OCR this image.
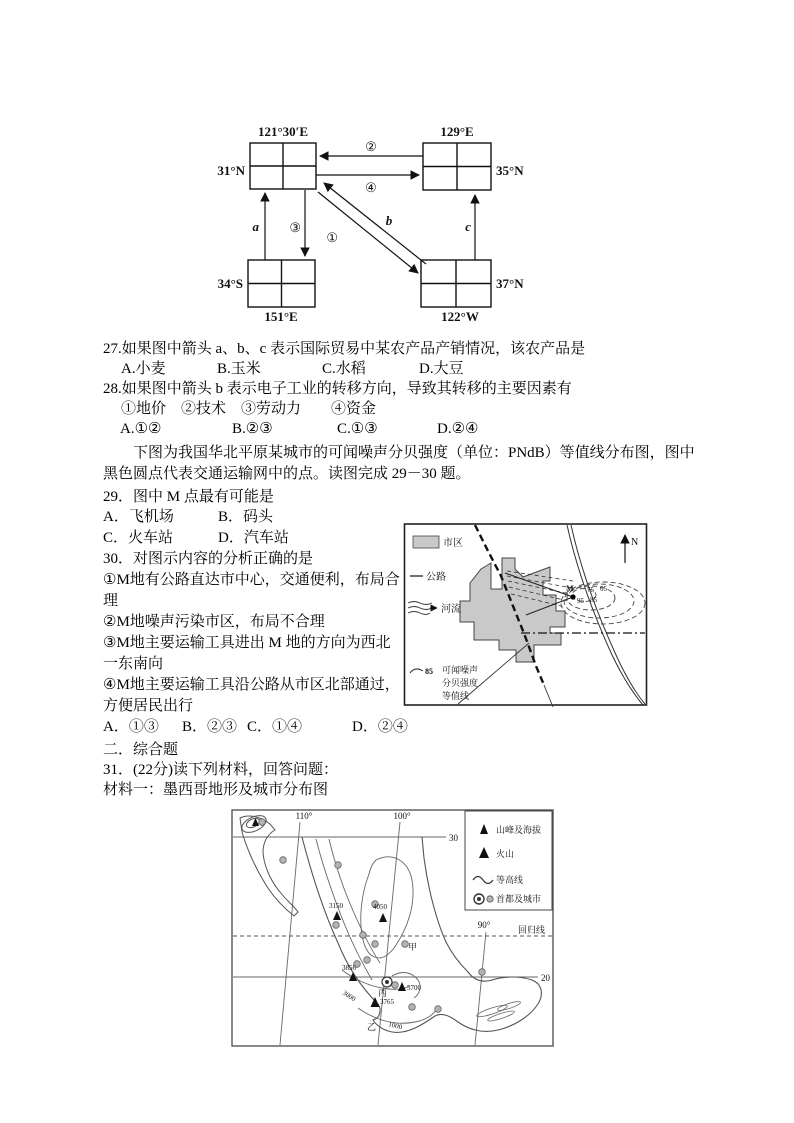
121°30′E	129°E
31°N	35°N
34°S	37°N
151°E	122°W
②
④
a ③
①
b	c
27.如果图中箭头 a、b、c 表示国际贸易中某农产品产销情况，该农产品是
A.小麦	B.玉米	C.水稻	D.大豆
28.如果图中箭头 b 表示电子工业的转移方向，导致其转移的主要因素有
①地价　②技术　③劳动力　　④资金
A.①②	B.②③	C.①③	D.②④
下图为我国华北平原某城市的可闻噪声分贝强度（单位：PNdB）等值线分布图，图中黑色圆点代表交通运输网中的点。读图完成 29－30 题。
29．图中 M 点最有可能是
A．飞机场	B．码头
C．火车站	D．汽车站
30．对图示内容的分析正确的是
①M地有公路直达市中心，交通便利，布局合理
②M地噪声污染市区，布局不合理
③M地主要运输工具进出 M 地的方向为西北一东南向
④M地主要运输工具沿公路从市区北部通过，方便居民出行
M 75 65
95 85
N
市区
公路
河流
85 可闻噪声
分贝强度
等值线
A．①③	B．②③ C．①④	D．②④
二．综合题
31．(22分)读下列材料，回答问题：
材料一：墨西哥地形及城市分布图
110°	100°
90°
30
20
回归线
3150	4050
3856
5700
3765
3000
1000
甲
乙
丙
山峰及海拔
火山
等高线
首都及城市
